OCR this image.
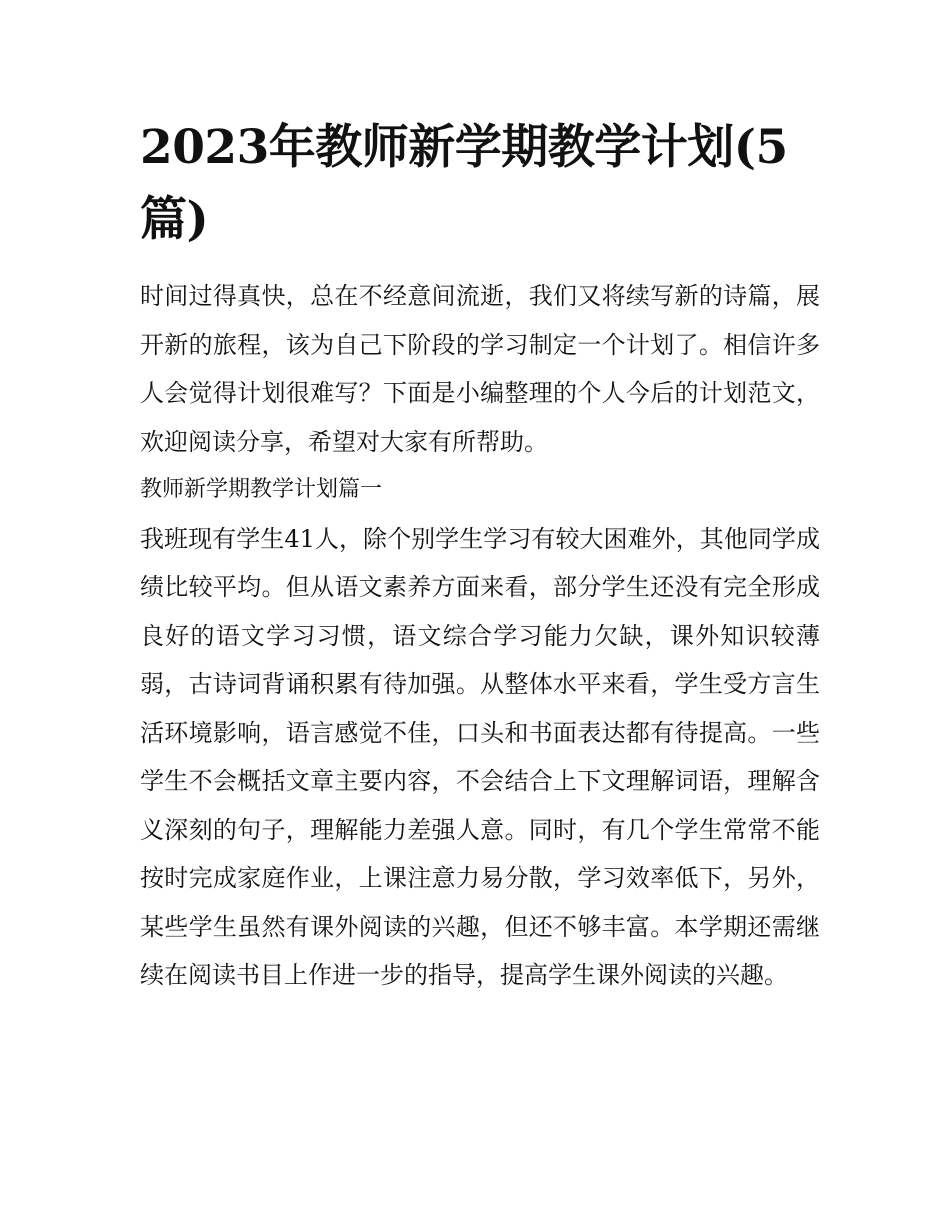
2023年教师新学期教学计划(5篇)

时间过得真快，总在不经意间流逝，我们又将续写新的诗篇，展开新的旅程，该为自己下阶段的学习制定一个计划了。相信许多人会觉得计划很难写？下面是小编整理的个人今后的计划范文，欢迎阅读分享，希望对大家有所帮助。

教师新学期教学计划篇一

我班现有学生41人，除个别学生学习有较大困难外，其他同学成绩比较平均。但从语文素养方面来看，部分学生还没有完全形成良好的语文学习习惯，语文综合学习能力欠缺，课外知识较薄弱，古诗词背诵积累有待加强。从整体水平来看，学生受方言生活环境影响，语言感觉不佳，口头和书面表达都有待提高。一些学生不会概括文章主要内容，不会结合上下文理解词语，理解含义深刻的句子，理解能力差强人意。同时，有几个学生常常不能按时完成家庭作业，上课注意力易分散，学习效率低下，另外，某些学生虽然有课外阅读的兴趣，但还不够丰富。本学期还需继续在阅读书目上作进一步的指导，提高学生课外阅读的兴趣。
